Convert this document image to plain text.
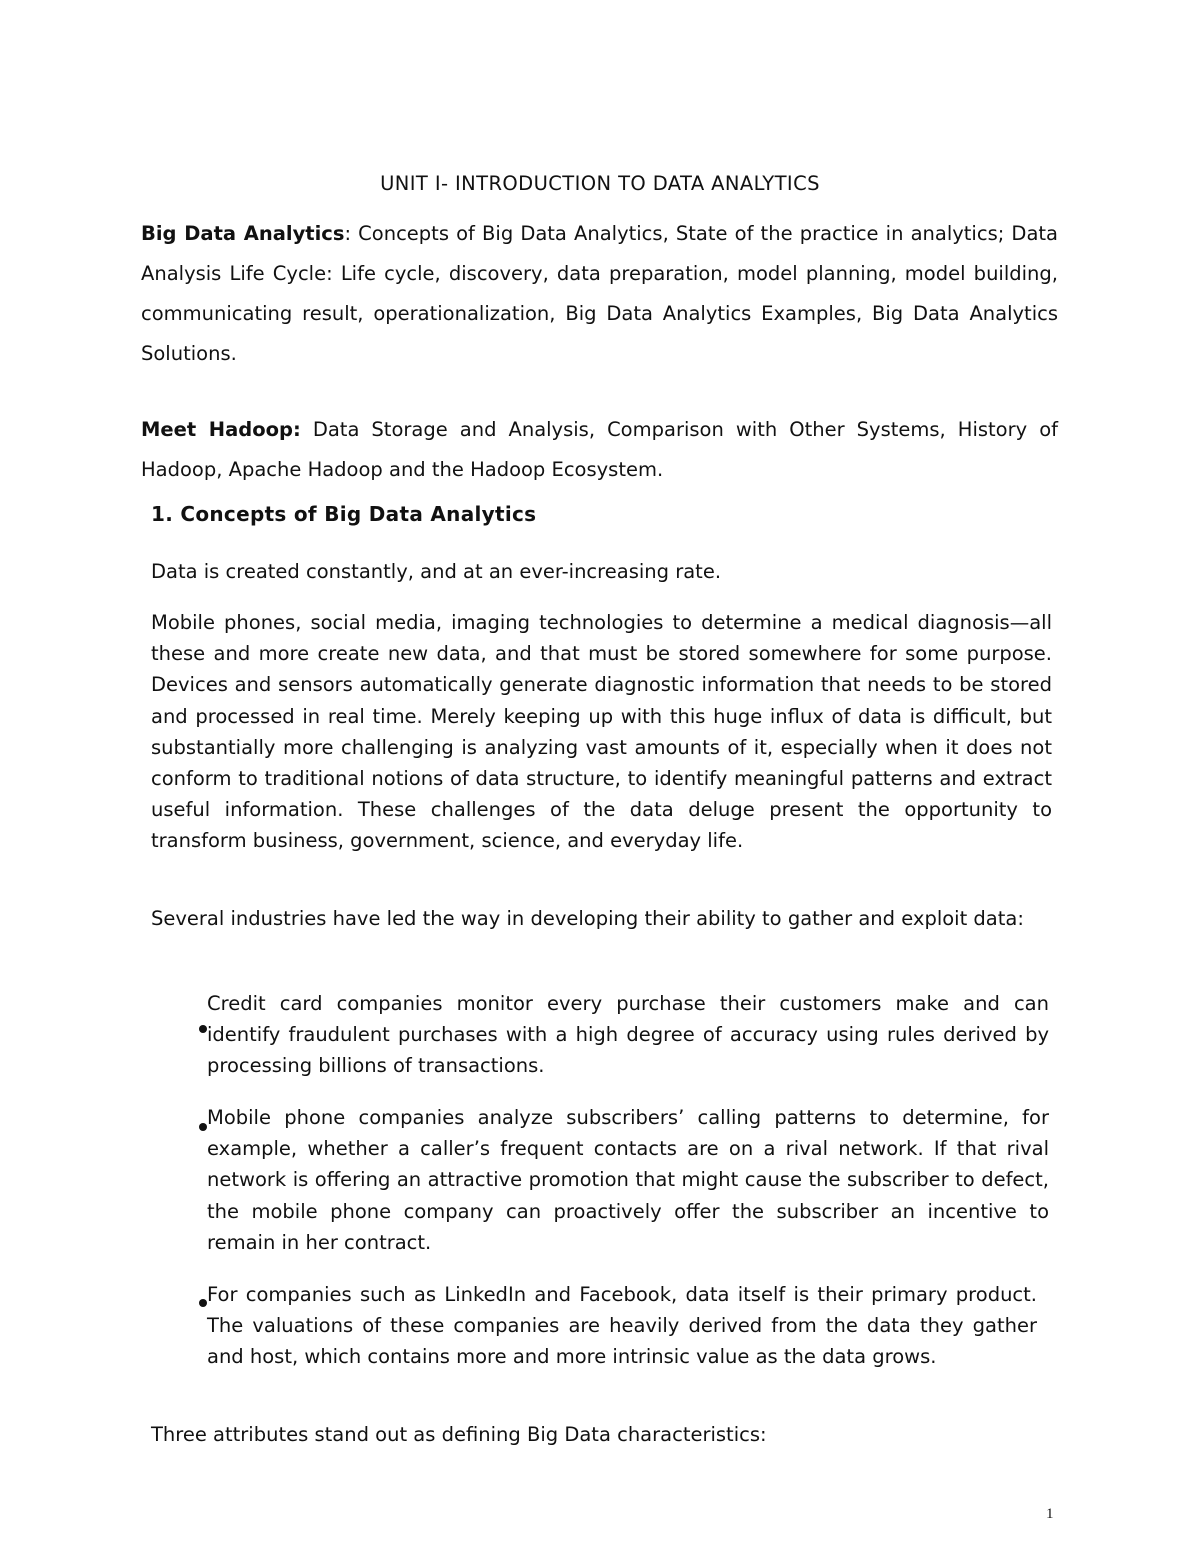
UNIT I- INTRODUCTION TO DATA ANALYTICS

Big Data Analytics: Concepts of Big Data Analytics, State of the practice in analytics; Data Analysis Life Cycle: Life cycle, discovery, data preparation, model planning, model building, communicating result, operationalization, Big Data Analytics Examples, Big Data Analytics Solutions.

Meet Hadoop: Data Storage and Analysis, Comparison with Other Systems, History of Hadoop, Apache Hadoop and the Hadoop Ecosystem.

1. Concepts of Big Data Analytics

Data is created constantly, and at an ever-increasing rate.

Mobile phones, social media, imaging technologies to determine a medical diagnosis—all these and more create new data, and that must be stored somewhere for some purpose. Devices and sensors automatically generate diagnostic information that needs to be stored and processed in real time. Merely keeping up with this huge influx of data is difficult, but substantially more challenging is analyzing vast amounts of it, especially when it does not conform to traditional notions of data structure, to identify meaningful patterns and extract useful information. These challenges of the data deluge present the opportunity to transform business, government, science, and everyday life.

Several industries have led the way in developing their ability to gather and exploit data:

Credit card companies monitor every purchase their customers make and can identify fraudulent purchases with a high degree of accuracy using rules derived by processing billions of transactions.

Mobile phone companies analyze subscribers’ calling patterns to determine, for example, whether a caller’s frequent contacts are on a rival network. If that rival network is offering an attractive promotion that might cause the subscriber to defect, the mobile phone company can proactively offer the subscriber an incentive to remain in her contract.

For companies such as LinkedIn and Facebook, data itself is their primary product. The valuations of these companies are heavily derived from the data they gather and host, which contains more and more intrinsic value as the data grows.

Three attributes stand out as defining Big Data characteristics:

1
